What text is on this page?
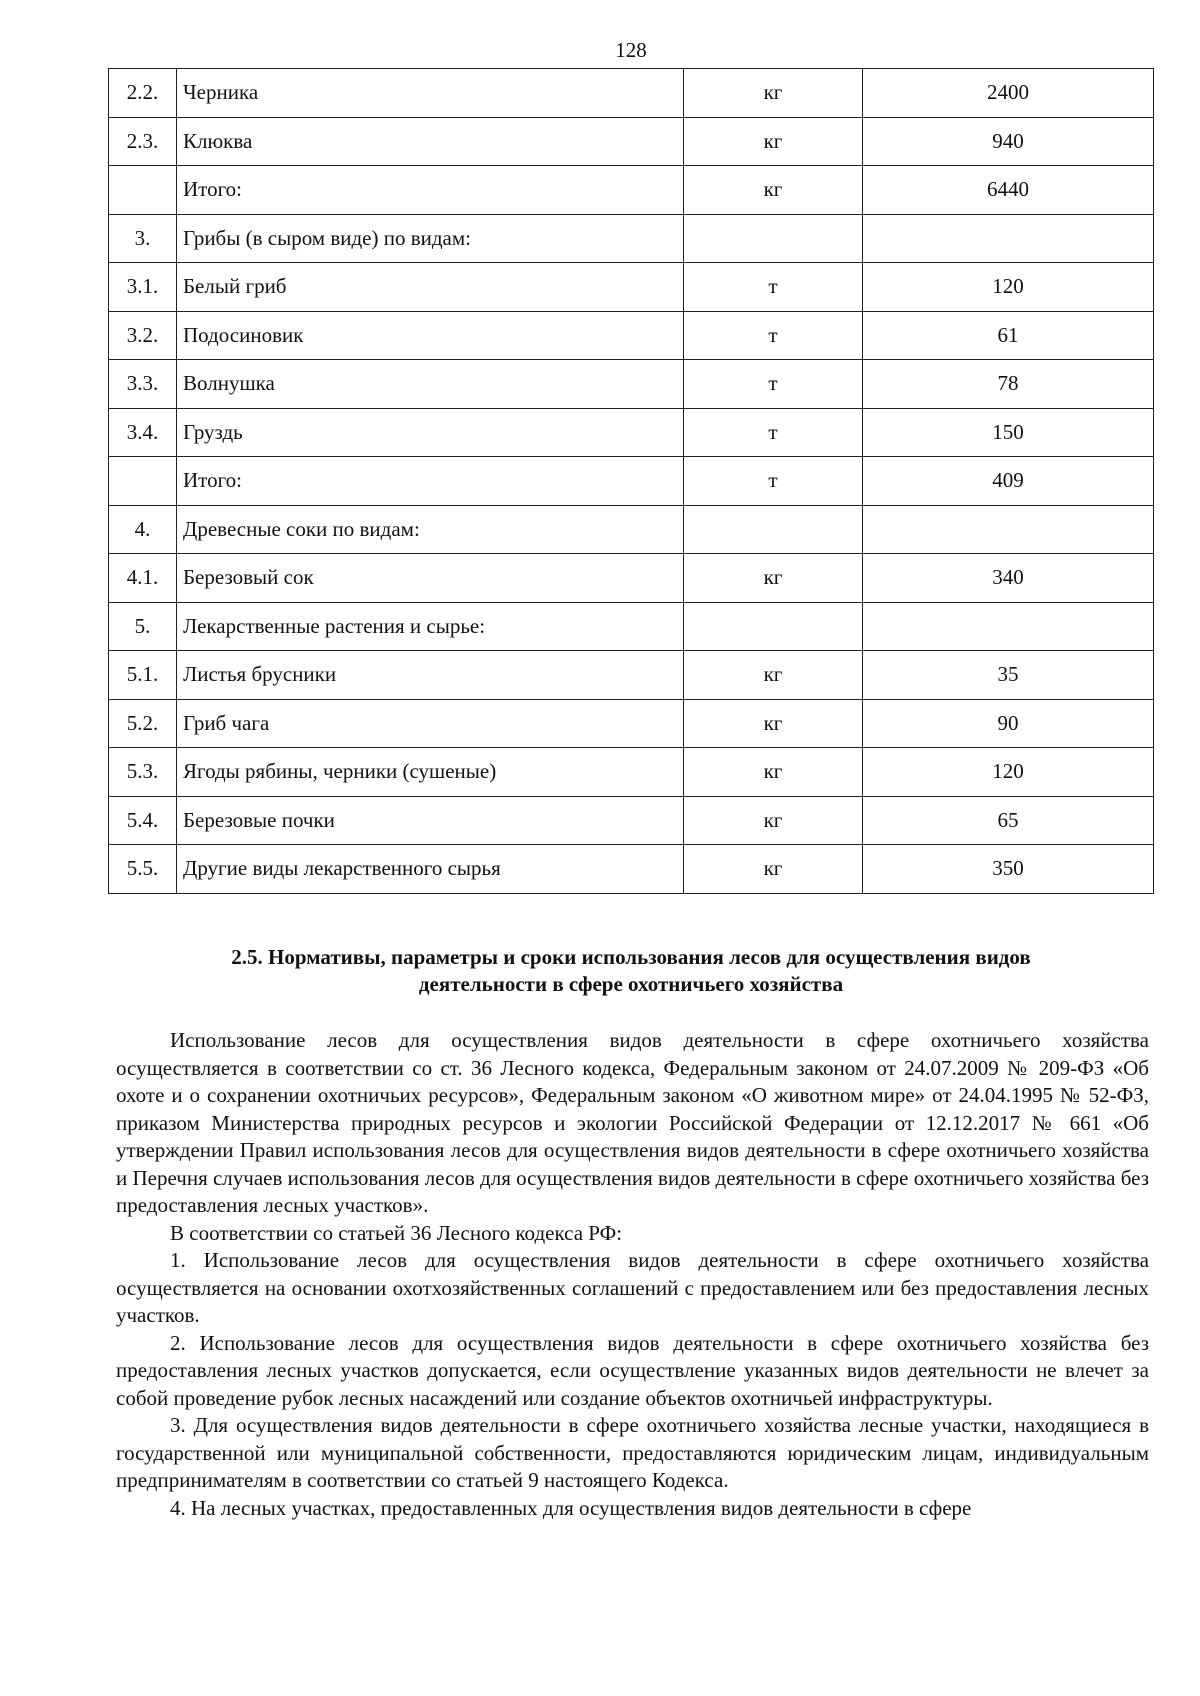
128
2.2.	Черника	кг	2400
2.3.	Клюква	кг	940
	Итого:	кг	6440
3.	Грибы (в сыром виде) по видам:		
3.1.	Белый гриб	т	120
3.2.	Подосиновик	т	61
3.3.	Волнушка	т	78
3.4.	Груздь	т	150
	Итого:	т	409
4.	Древесные соки по видам:		
4.1.	Березовый сок	кг	340
5.	Лекарственные растения и сырье:		
5.1.	Листья брусники	кг	35
5.2.	Гриб чага	кг	90
5.3.	Ягоды рябины, черники (сушеные)	кг	120
5.4.	Березовые почки	кг	65
5.5.	Другие виды лекарственного сырья	кг	350
2.5. Нормативы, параметры и сроки использования лесов для осуществления видов
деятельности в сфере охотничьего хозяйства

Использование лесов для осуществления видов деятельности в сфере охотничьего хозяйства осуществляется в соответствии со ст. 36 Лесного кодекса, Федеральным законом от 24.07.2009 № 209-ФЗ «Об охоте и о сохранении охотничьих ресурсов», Федеральным законом «О животном мире» от 24.04.1995 № 52-ФЗ, приказом Министерства природных ресурсов и экологии Российской Федерации от 12.12.2017 № 661 «Об утверждении Правил использования лесов для осуществления видов деятельности в сфере охотничьего хозяйства и Перечня случаев использования лесов для осуществления видов деятельности в сфере охотничьего хозяйства без предоставления лесных участков».

В соответствии со статьей 36 Лесного кодекса РФ:

1. Использование лесов для осуществления видов деятельности в сфере охотничьего хозяйства осуществляется на основании охотхозяйственных соглашений с предоставлением или без предоставления лесных участков.

2. Использование лесов для осуществления видов деятельности в сфере охотничьего хозяйства без предоставления лесных участков допускается, если осуществление указанных видов деятельности не влечет за собой проведение рубок лесных насаждений или создание объектов охотничьей инфраструктуры.

3. Для осуществления видов деятельности в сфере охотничьего хозяйства лесные участки, находящиеся в государственной или муниципальной собственности, предоставляются юридическим лицам, индивидуальным предпринимателям в соответствии со статьей 9 настоящего Кодекса.

4. На лесных участках, предоставленных для осуществления видов деятельности в сфере
